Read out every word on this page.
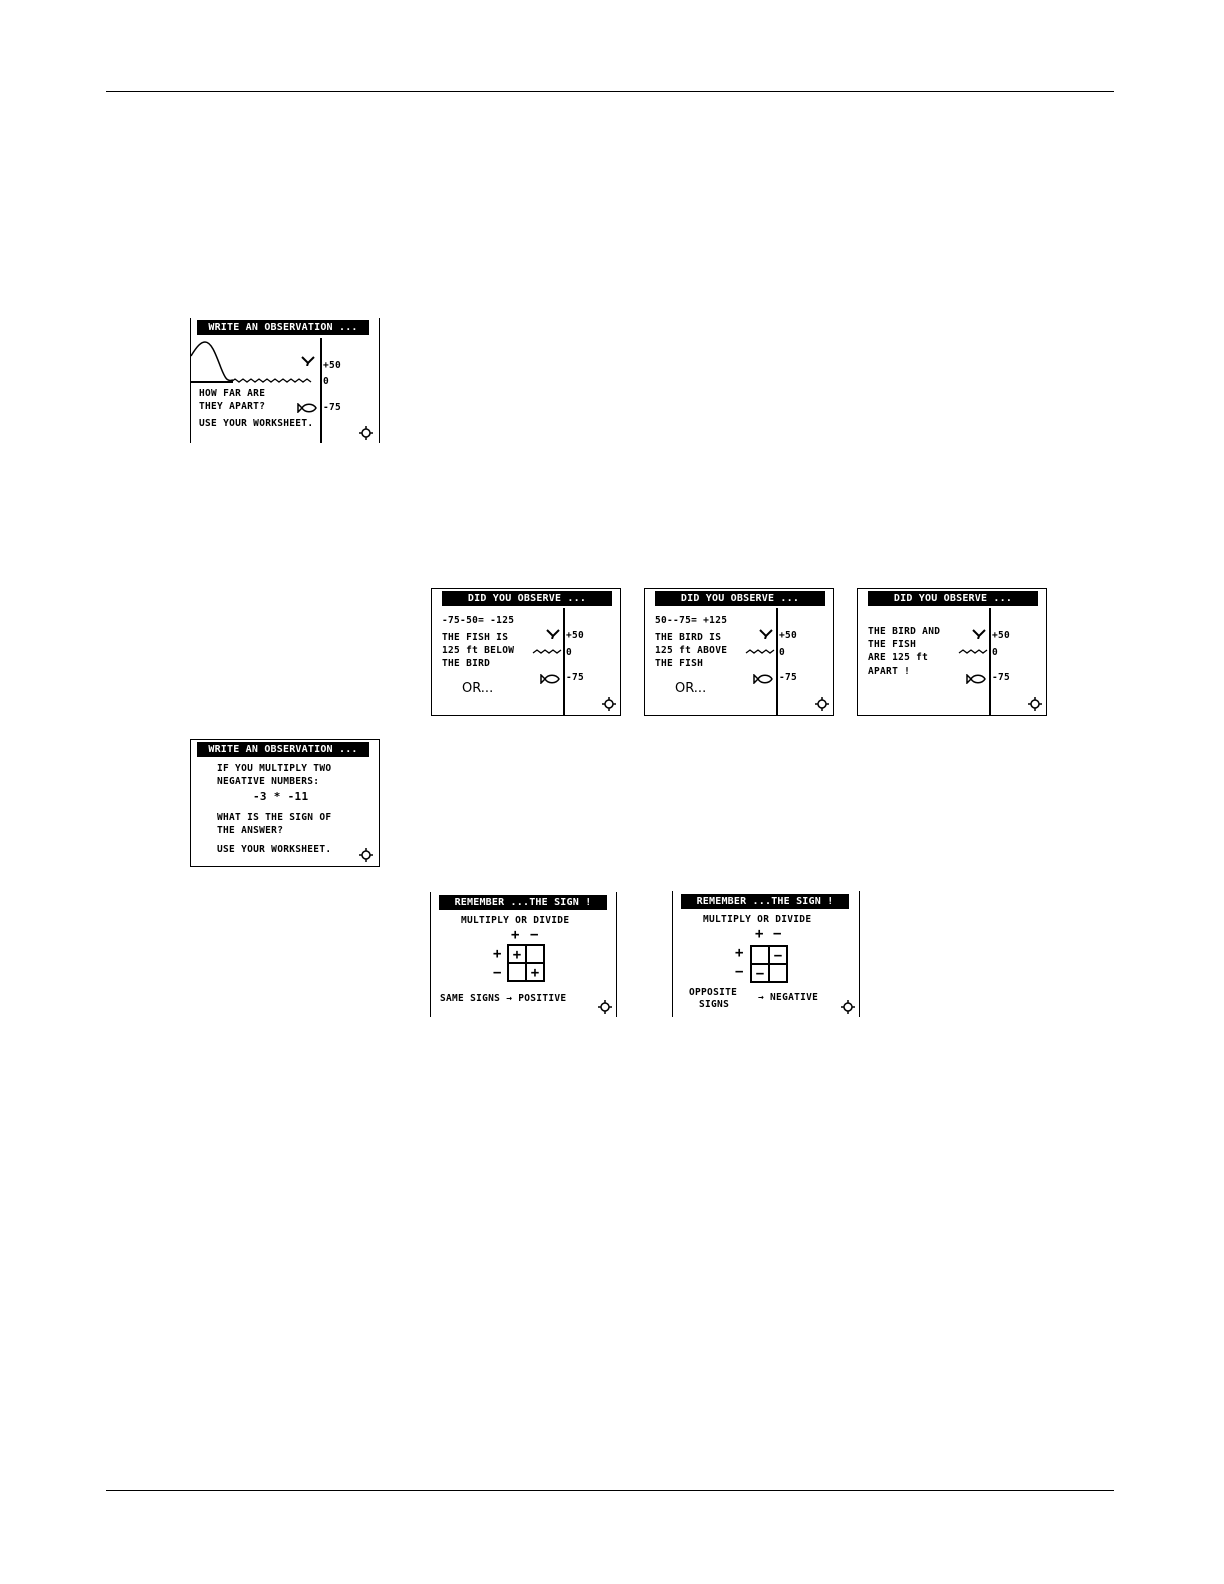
WRITE AN OBSERVATION ...
+50
0
-75
HOW FAR ARE
THEY APART?
USE YOUR WORKSHEET.
DID YOU OBSERVE ...
-75-50= -125
THE FISH IS
125 ft BELOW
THE BIRD
OR...
+50
0
-75
DID YOU OBSERVE ...
50--75= +125
THE BIRD IS
125 ft ABOVE
THE FISH
OR...
+50
0
-75
DID YOU OBSERVE ...
THE BIRD AND
THE FISH
ARE 125 ft
APART !
+50
0
-75
WRITE AN OBSERVATION ...
IF YOU MULTIPLY TWO
NEGATIVE NUMBERS:
-3 * -11
WHAT IS THE SIGN OF
THE ANSWER?
USE YOUR WORKSHEET.
REMEMBER ...THE SIGN !
MULTIPLY OR DIVIDE
+ −
+
−
+
+
SAME SIGNS → POSITIVE
REMEMBER ...THE SIGN !
MULTIPLY OR DIVIDE
+ −
+
−
−
−
OPPOSITE
SIGNS
→ NEGATIVE
